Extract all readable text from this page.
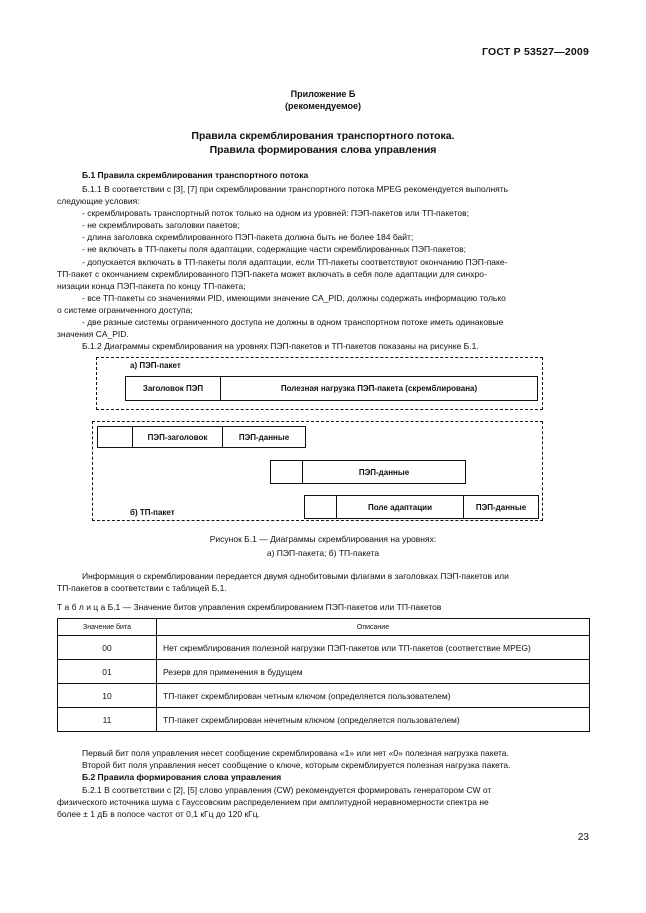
ГОСТ Р 53527—2009
Приложение Б
(рекомендуемое)
Правила скремблирования транспортного потока.
Правила формирования слова управления
Б.1 Правила скремблирования транспортного потока
Б.1.1 В соответствии с [3], [7] при скремблировании транспортного потока MPEG рекомендуется выполнять
следующие условия:
- скремблировать транспортный поток только на одном из уровней: ПЭП-пакетов или ТП-пакетов;
- не скремблировать заголовки пакетов;
- длина заголовка скремблированного ПЭП-пакета должна быть не более 184 байт;
- не включать в ТП-пакеты поля адаптации, содержащие части скремблированных ПЭП-пакетов;
- допускается включать в ТП-пакеты поля адаптации, если ТП-пакеты соответствуют окончанию ПЭП-паке-
ТП-пакет с окончанием скремблированного ПЭП-пакета может включать в себя поле адаптации для синхро-
низации конца ПЭП-пакета по концу ТП-пакета;
- все ТП-пакеты со значениями PID, имеющими значение CA_PID, должны содержать информацию только
о системе ограниченного доступа;
- две разные системы ограниченного доступа не должны в одном транспортном потоке иметь одинаковые
значения CA_PID.
Б.1.2 Диаграммы скремблирования на уровнях ПЭП-пакетов и ТП-пакетов показаны на рисунке Б.1.
а) ПЭП-пакет
Заголовок ПЭП	Полезная нагрузка ПЭП-пакета (скремблирована)
ПЭП-заголовок	ПЭП-данные
ПЭП-данные
б) ТП-пакет
Поле адаптации	ПЭП-данные
Рисунок Б.1 — Диаграммы скремблирования на уровнях:
а) ПЭП-пакета; б) ТП-пакета
Информация о скремблировании передается двумя однобитовыми флагами в заголовках ПЭП-пакетов или
ТП-пакетов в соответствии с таблицей Б.1.
Т а б л и ц а Б.1 — Значение битов управления скремблированием ПЭП-пакетов или ТП-пакетов
Значение бита	Описание
00	Нет скремблирования полезной нагрузки ПЭП-пакетов или ТП-пакетов (соответствие MPEG)
01	Резерв для применения в будущем
10	ТП-пакет скремблирован четным ключом (определяется пользователем)
11	ТП-пакет скремблирован нечетным ключом (определяется пользователем)
Первый бит поля управления несет сообщение скремблирована «1» или нет «0» полезная нагрузка пакета.
Второй бит поля управления несет сообщение о ключе, которым скремблируется полезная нагрузка пакета.
Б.2 Правила формирования слова управления
Б.2.1 В соответствии с [2], [5] слово управления (CW) рекомендуется формировать генератором CW от
физического источника шума с Гауссовским распределением при амплитудной неравномерности спектра не
более ± 1 дБ в полосе частот от 0,1 кГц до 120 кГц.
23
